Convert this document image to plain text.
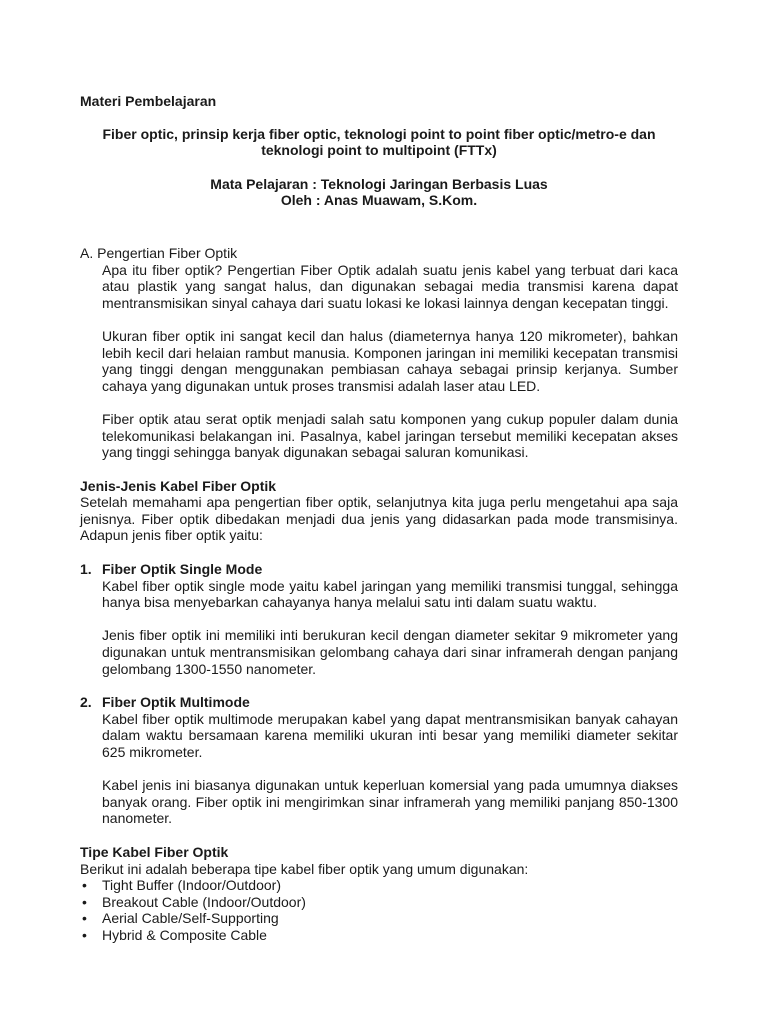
Materi Pembelajaran
Fiber optic, prinsip kerja fiber optic, teknologi point to point fiber optic/metro-e dan
teknologi point to multipoint (FTTx)
Mata Pelajaran : Teknologi Jaringan Berbasis Luas
Oleh : Anas Muawam, S.Kom.
A. Pengertian Fiber Optik

Apa itu fiber optik? Pengertian Fiber Optik adalah suatu jenis kabel yang terbuat dari kaca atau plastik yang sangat halus, dan digunakan sebagai media transmisi karena dapat mentransmisikan sinyal cahaya dari suatu lokasi ke lokasi lainnya dengan kecepatan tinggi.

Ukuran fiber optik ini sangat kecil dan halus (diameternya hanya 120 mikrometer), bahkan lebih kecil dari helaian rambut manusia. Komponen jaringan ini memiliki kecepatan transmisi yang tinggi dengan menggunakan pembiasan cahaya sebagai prinsip kerjanya. Sumber cahaya yang digunakan untuk proses transmisi adalah laser atau LED.

Fiber optik atau serat optik menjadi salah satu komponen yang cukup populer dalam dunia telekomunikasi belakangan ini. Pasalnya, kabel jaringan tersebut memiliki kecepatan akses yang tinggi sehingga banyak digunakan sebagai saluran komunikasi.

Jenis-Jenis Kabel Fiber Optik

Setelah memahami apa pengertian fiber optik, selanjutnya kita juga perlu mengetahui apa saja jenisnya. Fiber optik dibedakan menjadi dua jenis yang didasarkan pada mode transmisinya. Adapun jenis fiber optik yaitu:

1. Fiber Optik Single Mode

Kabel fiber optik single mode yaitu kabel jaringan yang memiliki transmisi tunggal, sehingga hanya bisa menyebarkan cahayanya hanya melalui satu inti dalam suatu waktu.

Jenis fiber optik ini memiliki inti berukuran kecil dengan diameter sekitar 9 mikrometer yang digunakan untuk mentransmisikan gelombang cahaya dari sinar inframerah dengan panjang gelombang 1300-1550 nanometer.

2. Fiber Optik Multimode

Kabel fiber optik multimode merupakan kabel yang dapat mentransmisikan banyak cahayan dalam waktu bersamaan karena memiliki ukuran inti besar yang memiliki diameter sekitar 625 mikrometer.

Kabel jenis ini biasanya digunakan untuk keperluan komersial yang pada umumnya diakses banyak orang. Fiber optik ini mengirimkan sinar inframerah yang memiliki panjang 850-1300 nanometer.

Tipe Kabel Fiber Optik

Berikut ini adalah beberapa tipe kabel fiber optik yang umum digunakan:

• Tight Buffer (Indoor/Outdoor)
• Breakout Cable (Indoor/Outdoor)
• Aerial Cable/Self-Supporting
• Hybrid & Composite Cable
